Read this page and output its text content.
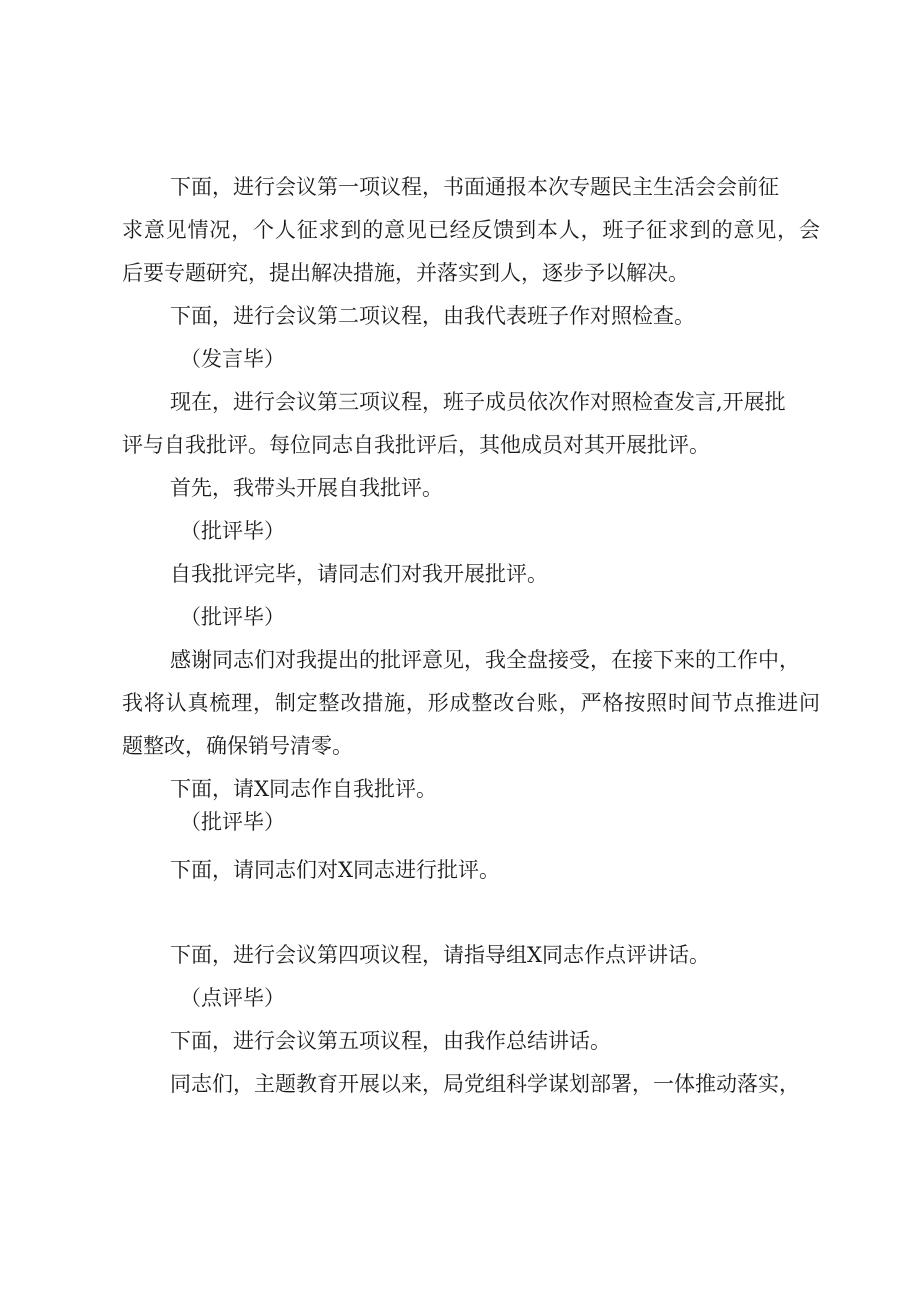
下面，进行会议第一项议程，书面通报本次专题民主生活会会前征
求意见情况，个人征求到的意见已经反馈到本人，班子征求到的意见，会
后要专题研究，提出解决措施，并落实到人，逐步予以解决。
下面，进行会议第二项议程，由我代表班子作对照检查。
（发言毕）
现在，进行会议第三项议程，班子成员依次作对照检查发言,开展批
评与自我批评。每位同志自我批评后，其他成员对其开展批评。
首先，我带头开展自我批评。
（批评毕）
自我批评完毕，请同志们对我开展批评。
（批评毕）
感谢同志们对我提出的批评意见，我全盘接受，在接下来的工作中，
我将认真梳理，制定整改措施，形成整改台账，严格按照时间节点推进问
题整改，确保销号清零。
下面，请X同志作自我批评。
（批评毕）
下面，请同志们对X同志进行批评。
下面，进行会议第四项议程，请指导组X同志作点评讲话。
（点评毕）
下面，进行会议第五项议程，由我作总结讲话。
同志们，主题教育开展以来，局党组科学谋划部署，一体推动落实，
